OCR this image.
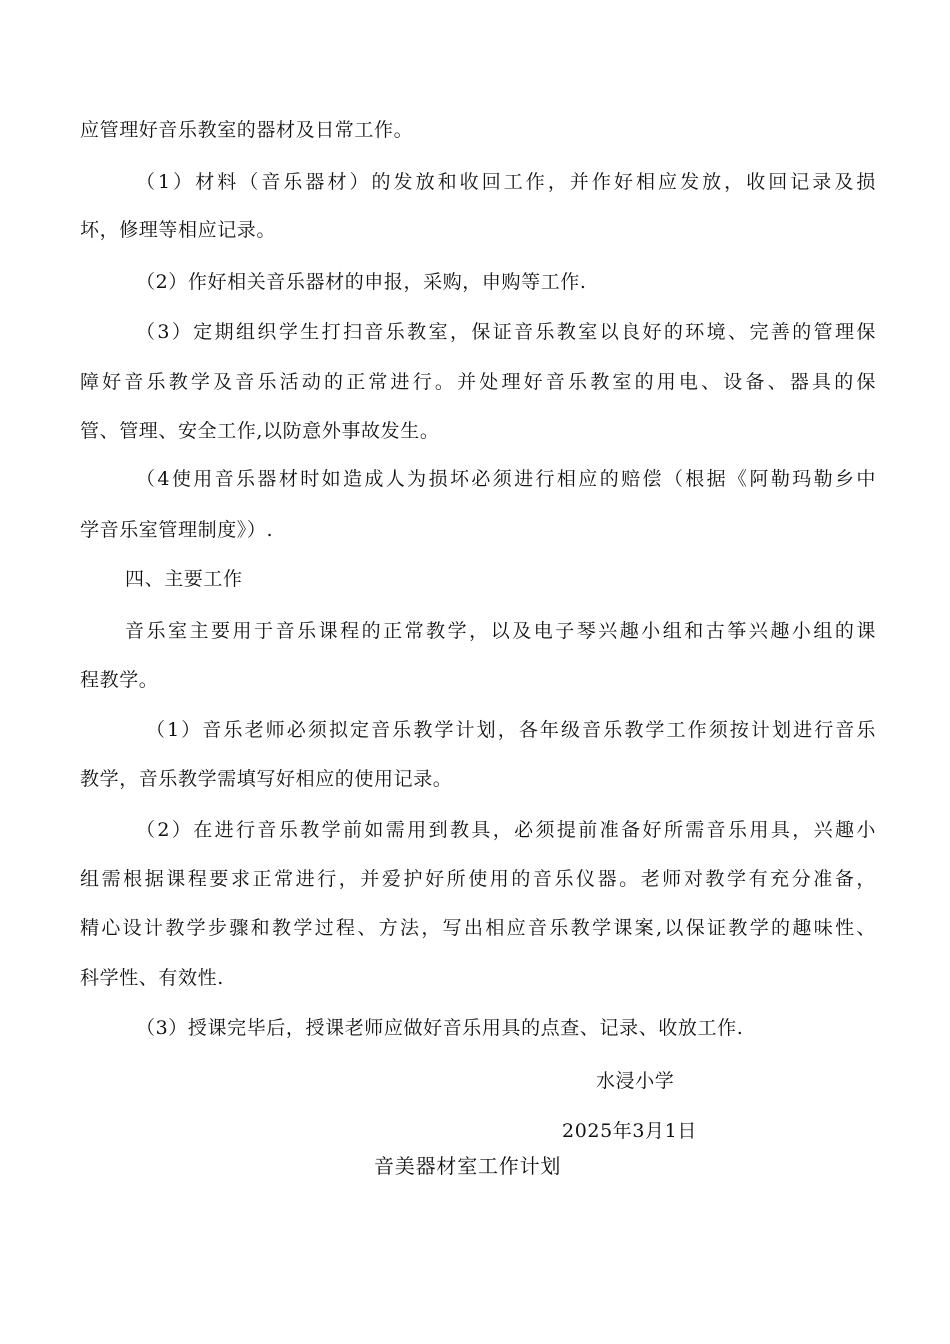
应管理好音乐教室的器材及日常工作。
（1）材料（音乐器材）的发放和收回工作，并作好相应发放，收回记录及损
坏，修理等相应记录。
（2）作好相关音乐器材的申报，采购，申购等工作.
（3）定期组织学生打扫音乐教室，保证音乐教室以良好的环境、完善的管理保
障好音乐教学及音乐活动的正常进行。并处理好音乐教室的用电、设备、器具的保
管、管理、安全工作,以防意外事故发生。
（4使用音乐器材时如造成人为损坏必须进行相应的赔偿（根据《阿勒玛勒乡中
学音乐室管理制度》）.
四、主要工作
音乐室主要用于音乐课程的正常教学，以及电子琴兴趣小组和古筝兴趣小组的课
程教学。
（1）音乐老师必须拟定音乐教学计划，各年级音乐教学工作须按计划进行音乐
教学，音乐教学需填写好相应的使用记录。
（2）在进行音乐教学前如需用到教具，必须提前准备好所需音乐用具，兴趣小
组需根据课程要求正常进行，并爱护好所使用的音乐仪器。老师对教学有充分准备，
精心设计教学步骤和教学过程、方法，写出相应音乐教学课案,以保证教学的趣味性、
科学性、有效性.
（3）授课完毕后，授课老师应做好音乐用具的点查、记录、收放工作.
水浸小学
2025年3月1日
音美器材室工作计划
